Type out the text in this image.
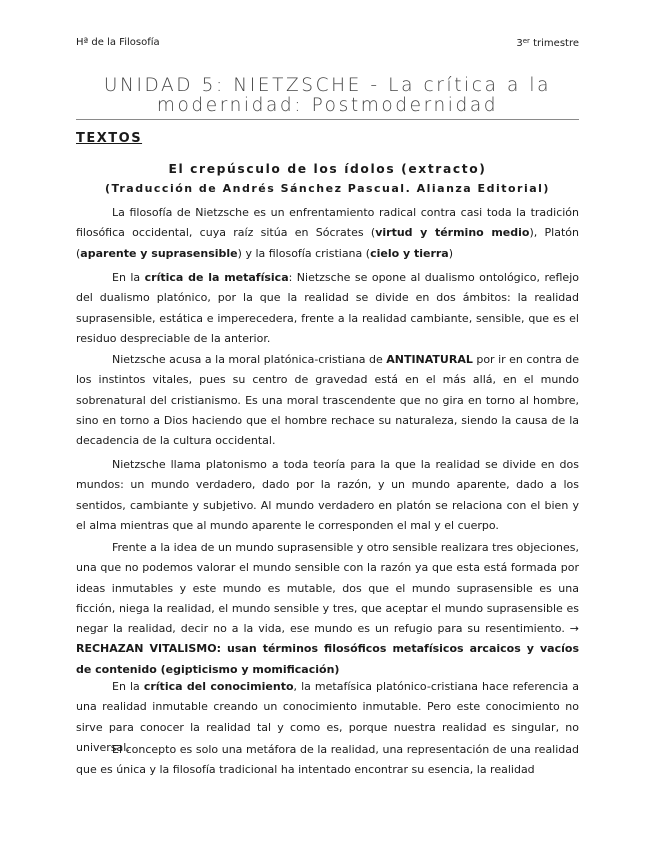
Hª de la Filosofía	3er trimestre
UNIDAD 5: NIETZSCHE - La crítica a la
modernidad: Postmodernidad
TEXTOS
El crepúsculo de los ídolos (extracto)
(Traducción de Andrés Sánchez Pascual. Alianza Editorial)

La filosofía de Nietzsche es un enfrentamiento radical contra casi toda la tradición filosófica occidental, cuya raíz sitúa en Sócrates (virtud y término medio), Platón (aparente y suprasensible) y la filosofía cristiana (cielo y tierra)

En la crítica de la metafísica: Nietzsche se opone al dualismo ontológico, reflejo del dualismo platónico, por la que la realidad se divide en dos ámbitos: la realidad suprasensible, estática e imperecedera, frente a la realidad cambiante, sensible, que es el residuo despreciable de la anterior.

Nietzsche acusa a la moral platónica-cristiana de ANTINATURAL por ir en contra de los instintos vitales, pues su centro de gravedad está en el más allá, en el mundo sobrenatural del cristianismo. Es una moral trascendente que no gira en torno al hombre, sino en torno a Dios haciendo que el hombre rechace su naturaleza, siendo la causa de la decadencia de la cultura occidental.

Nietzsche llama platonismo a toda teoría para la que la realidad se divide en dos mundos: un mundo verdadero, dado por la razón, y un mundo aparente, dado a los sentidos, cambiante y subjetivo. Al mundo verdadero en platón se relaciona con el bien y el alma mientras que al mundo aparente le corresponden el mal y el cuerpo.

Frente a la idea de un mundo suprasensible y otro sensible realizara tres objeciones, una que no podemos valorar el mundo sensible con la razón ya que esta está formada por ideas inmutables y este mundo es mutable, dos que el mundo suprasensible es una ficción, niega la realidad, el mundo sensible y tres, que aceptar el mundo suprasensible es negar la realidad, decir no a la vida, ese mundo es un refugio para su resentimiento. → RECHAZAN VITALISMO: usan términos filosóficos metafísicos arcaicos y vacíos de contenido (egipticismo y momificación)

En la crítica del conocimiento, la metafísica platónico-cristiana hace referencia a una realidad inmutable creando un conocimiento inmutable. Pero este conocimiento no sirve para conocer la realidad tal y como es, porque nuestra realidad es singular, no universal.

El concepto es solo una metáfora de la realidad, una representación de una realidad que es única y la filosofía tradicional ha intentado encontrar su esencia, la realidad
